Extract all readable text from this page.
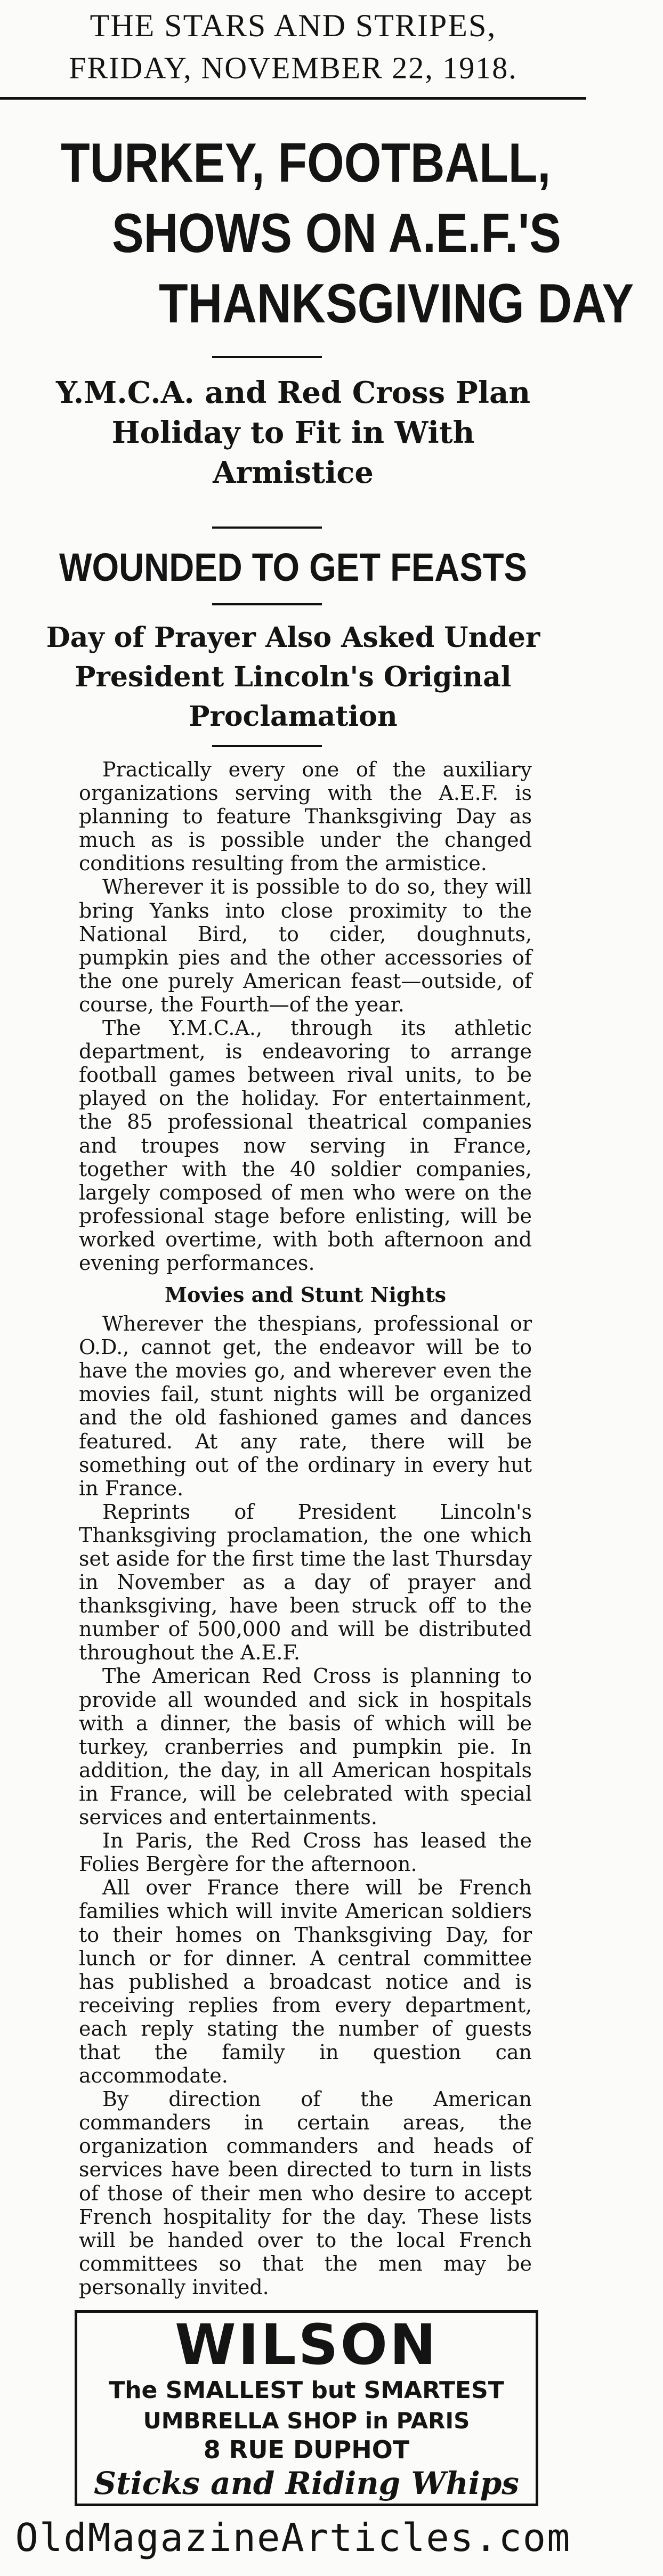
THE STARS AND STRIPES,
FRIDAY, NOVEMBER 22, 1918.
TURKEY, FOOTBALL,
SHOWS ON A.E.F.'S
THANKSGIVING DAY
Y.M.C.A. and Red Cross Plan
Holiday to Fit in With
Armistice
WOUNDED TO GET FEASTS
Day of Prayer Also Asked Under
President Lincoln's Original
Proclamation

Practically every one of the auxiliary organizations serving with the A.E.F. is planning to feature Thanksgiving Day as much as is possible under the changed conditions resulting from the armistice.

Wherever it is possible to do so, they will bring Yanks into close proximity to the National Bird, to cider, doughnuts, pumpkin pies and the other accessories of the one purely American feast—outside, of course, the Fourth—of the year.

The Y.M.C.A., through its athletic department, is endeavoring to arrange football games between rival units, to be played on the holiday. For entertainment, the 85 professional theatrical companies and troupes now serving in France, together with the 40 soldier companies, largely composed of men who were on the professional stage before enlisting, will be worked overtime, with both afternoon and evening performances.

Movies and Stunt Nights

Wherever the thespians, professional or O.D., cannot get, the endeavor will be to have the movies go, and wherever even the movies fail, stunt nights will be organized and the old fashioned games and dances featured. At any rate, there will be something out of the ordinary in every hut in France.

Reprints of President Lincoln's Thanksgiving proclamation, the one which set aside for the first time the last Thursday in November as a day of prayer and thanksgiving, have been struck off to the number of 500,000 and will be distributed throughout the A.E.F.

The American Red Cross is planning to provide all wounded and sick in hospitals with a dinner, the basis of which will be turkey, cranberries and pumpkin pie. In addition, the day, in all American hospitals in France, will be celebrated with special services and entertainments.

In Paris, the Red Cross has leased the Folies Bergère for the afternoon.

All over France there will be French families which will invite American soldiers to their homes on Thanksgiving Day, for lunch or for dinner. A central committee has published a broadcast notice and is receiving replies from every department, each reply stating the number of guests that the family in question can accommodate.

By direction of the American commanders in certain areas, the organization commanders and heads of services have been directed to turn in lists of those of their men who desire to accept French hospitality for the day. These lists will be handed over to the local French committees so that the men may be personally invited.

WILSON
The SMALLEST but SMARTEST
UMBRELLA SHOP in PARIS
8 RUE DUPHOT
Sticks and Riding Whips
OldMagazineArticles.com
